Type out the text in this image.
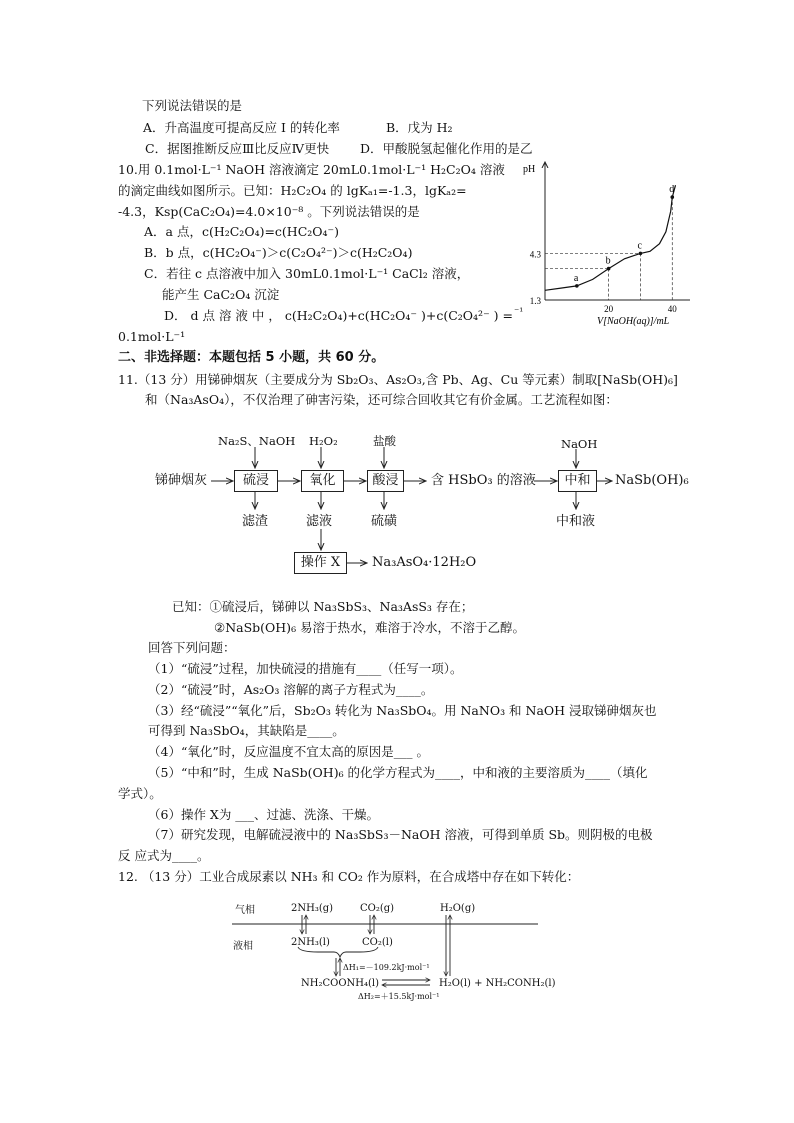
下列说法错误的是
A．升高温度可提高反应 I 的转化率	B．戊为 H₂
C．据图推断反应Ⅲ比反应Ⅳ更快 D．甲酸脱氢起催化作用的是乙
10.用 0.1mol·L⁻¹ NaOH 溶液滴定 20mL0.1mol·L⁻¹ H₂C₂O₄ 溶液
的滴定曲线如图所示。已知：H₂C₂O₄ 的 lgKₐ₁=-1.3，lgKₐ₂=
-4.3，Ksp(CaC₂O₄)=4.0×10⁻⁸ 。下列说法错误的是
A．a 点，c(H₂C₂O₄)=c(HC₂O₄⁻)
B．b 点，c(HC₂O₄⁻)＞c(C₂O₄²⁻)＞c(H₂C₂O₄)
C．若往 c 点溶液中加入 30mL0.1mol·L⁻¹ CaCl₂ 溶液，
能产生 CaC₂O₄ 沉淀
D． d 点 溶 液 中 ， c(H₂C₂O₄)+c(HC₂O₄⁻ )+c(C₂O₄²⁻ ) = ⁻¹
0.1mol·L⁻¹
pH
V[NaOH(aq)]/mL
1.3
4.3
20	40
a
b
c
d
二、非选择题：本题包括 5 小题，共 60 分。
11.（13 分）用锑砷烟灰（主要成分为 Sb₂O₃、As₂O₃,含 Pb、Ag、Cu 等元素）制取[NaSb(OH)₆]
和（Na₃AsO₄），不仅治理了砷害污染，还可综合回收其它有价金属。工艺流程如图：
Na₂S、NaOH H₂O₂	盐酸	NaOH
锑砷烟灰	硫浸	氧化	酸浸	含 HSbO₃ 的溶液	中和	NaSb(OH)₆
滤渣	滤液	硫磺	中和液
操作 X	Na₃AsO₄·12H₂O
已知：①硫浸后，锑砷以 Na₃SbS₃、Na₃AsS₃ 存在；
②NaSb(OH)₆ 易溶于热水，难溶于冷水，不溶于乙醇。
回答下列问题：
（1）“硫浸”过程，加快硫浸的措施有____（任写一项）。
（2）“硫浸”时，As₂O₃ 溶解的离子方程式为____。
（3）经“硫浸”“氧化”后，Sb₂O₃ 转化为 Na₃SbO₄。用 NaNO₃ 和 NaOH 浸取锑砷烟灰也
可得到 Na₃SbO₄，其缺陷是____。
（4）“氧化”时，反应温度不宜太高的原因是___ 。
（5）“中和”时，生成 NaSb(OH)₆ 的化学方程式为____，中和液的主要溶质为____（填化
学式）。
（6）操作 X为 ___、过滤、洗涤、干燥。
（7）研究发现，电解硫浸液中的 Na₃SbS₃－NaOH 溶液，可得到单质 Sb。则阴极的电极
反 应式为____。
12. （13 分）工业合成尿素以 NH₃ 和 CO₂ 作为原料，在合成塔中存在如下转化：
气相
液相
2NH₃(g)	CO₂(g)	H₂O(g)
2NH₃(l)	CO₂(l)
ΔH₁=－109.2kJ·mol⁻¹
NH₂COONH₄(l)	H₂O(l) + NH₂CONH₂(l)
ΔH₂=＋15.5kJ·mol⁻¹
